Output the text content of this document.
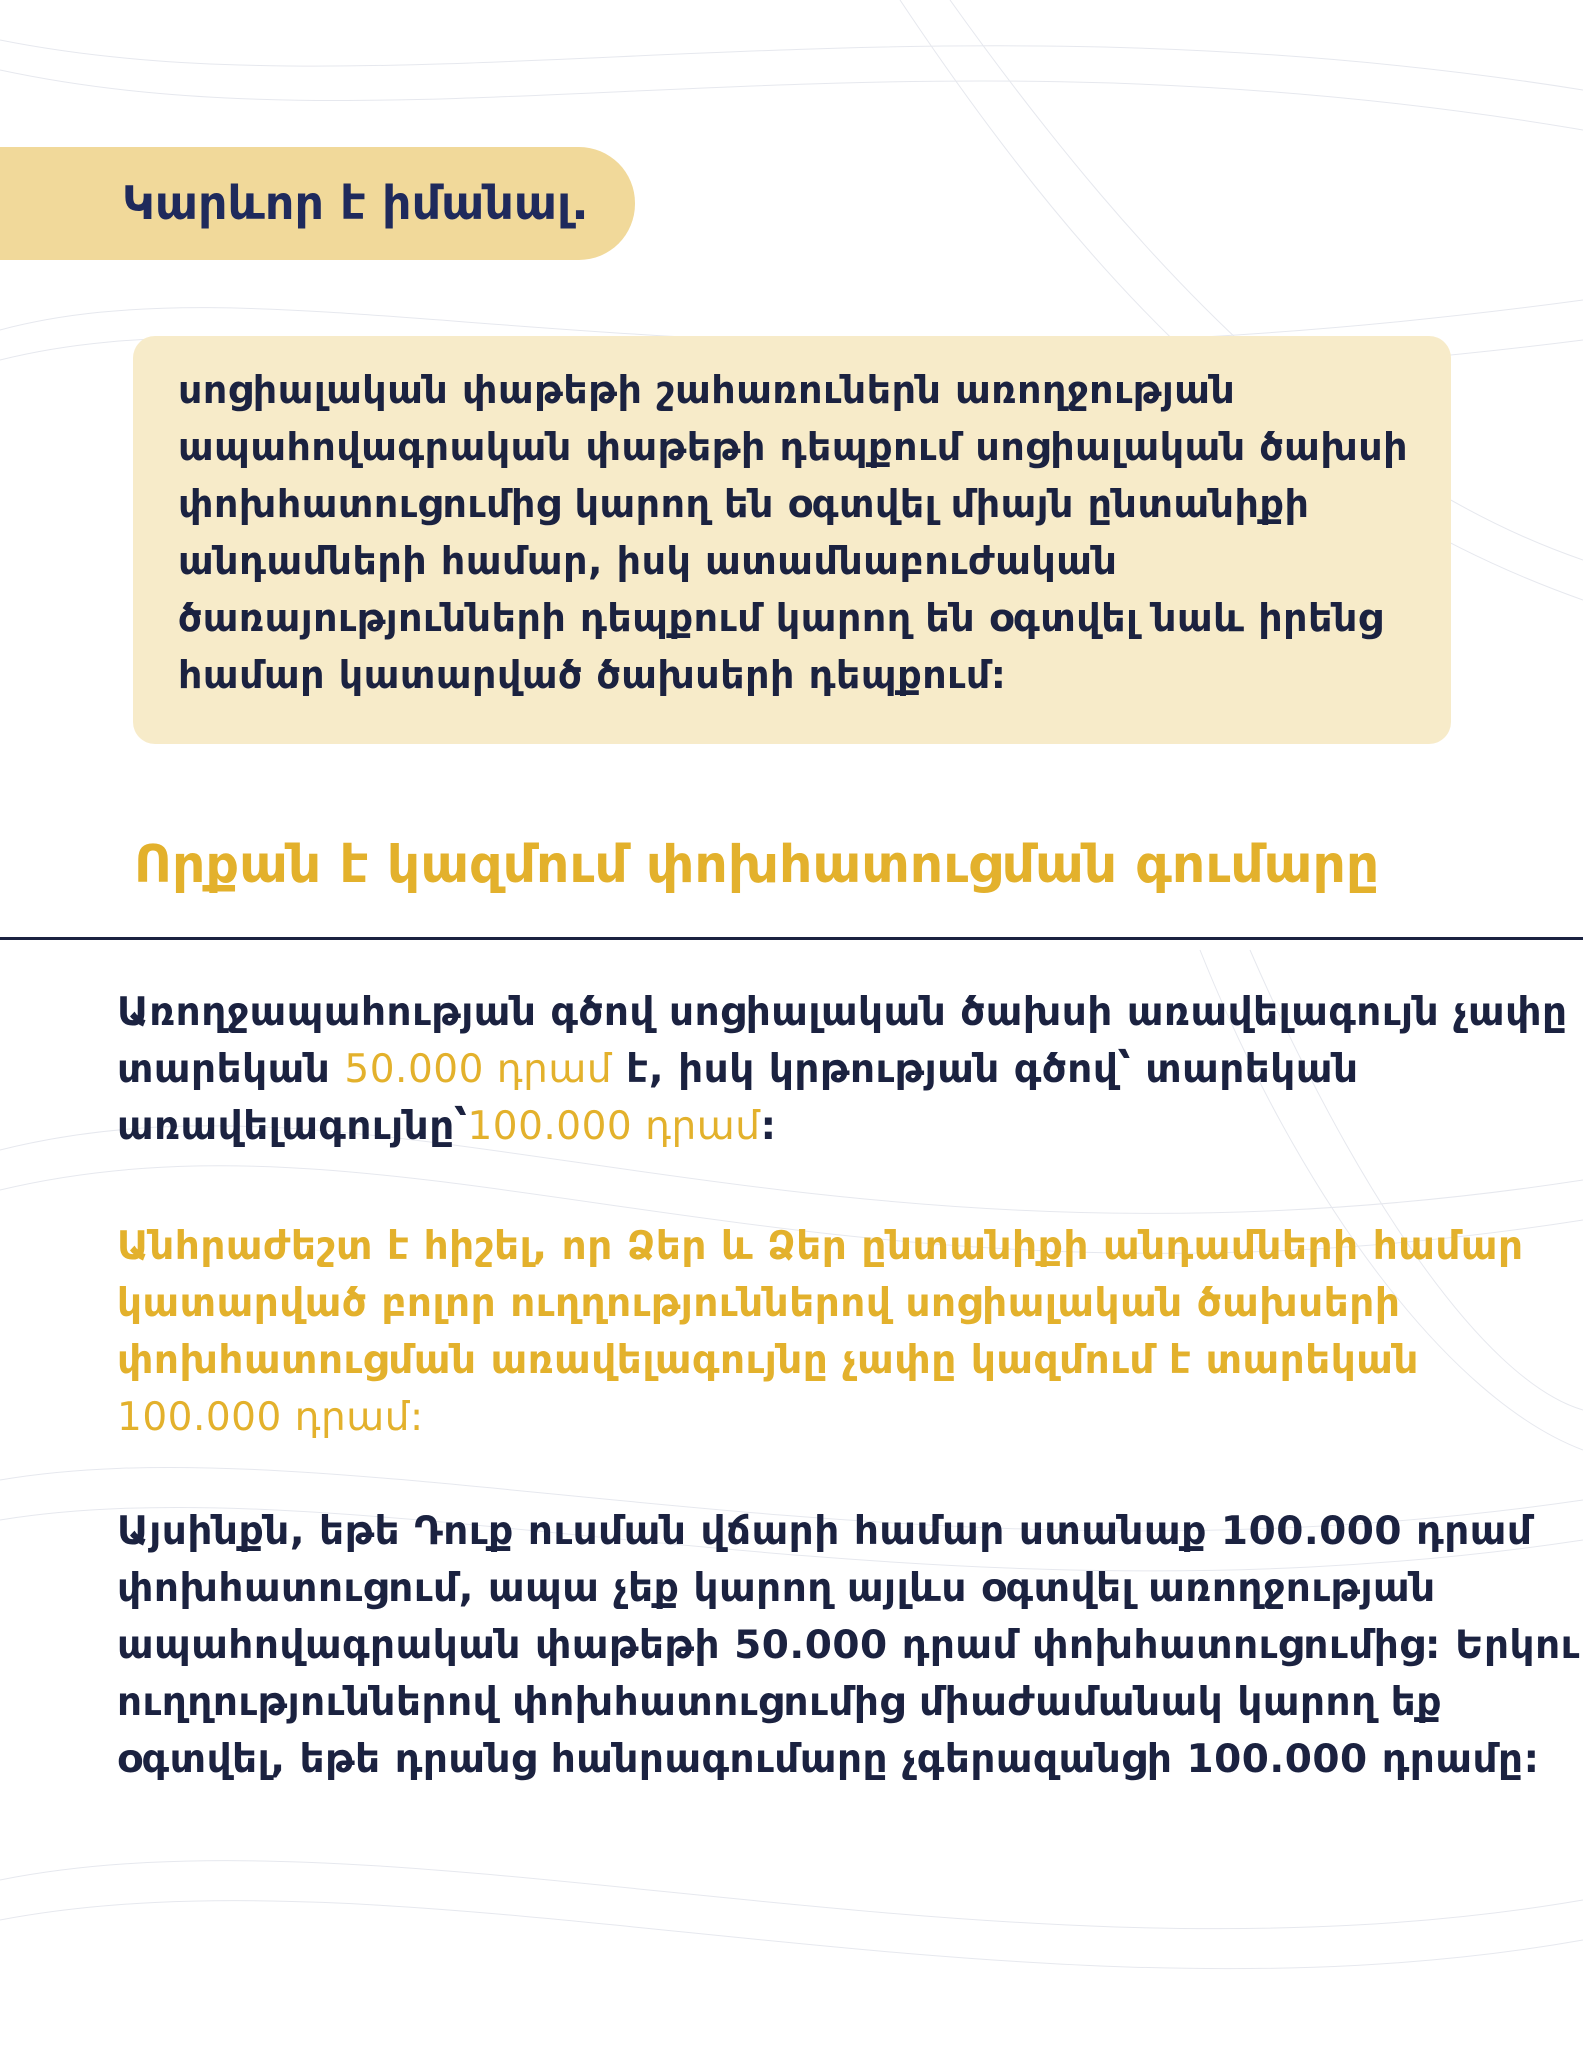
Կարևոր է իմանալ.
սոցիալական փաթեթի շահառուներն առողջության
ապահովագրական փաթեթի դեպքում սոցիալական ծախսի
փոխհատուցումից կարող են օգտվել միայն ընտանիքի
անդամների համար, իսկ ատամնաբուժական
ծառայությունների դեպքում կարող են օգտվել նաև իրենց
համար կատարված ծախսերի դեպքում:
Որքան է կազմում փոխհատուցման գումարը
Առողջապահության գծով սոցիալական ծախսի առավելագույն չափը
տարեկան 50.000 դրամ է, իսկ կրթության գծով՝ տարեկան
առավելագույնը՝100.000 դրամ:
Անհրաժեշտ է հիշել, որ Ձեր և Ձեր ընտանիքի անդամների համար
կատարված բոլոր ուղղություններով սոցիալական ծախսերի
փոխհատուցման առավելագույնը չափը կազմում է տարեկան
100.000 դրամ:
Այսինքն, եթե Դուք ուսման վճարի համար ստանաք 100.000 դրամ
փոխհատուցում, ապա չեք կարող այլևս օգտվել առողջության
ապահովագրական փաթեթի 50.000 դրամ փոխհատուցումից: Երկու
ուղղություններով փոխհատուցումից միաժամանակ կարող եք
օգտվել, եթե դրանց հանրագումարը չգերազանցի 100.000 դրամը:
